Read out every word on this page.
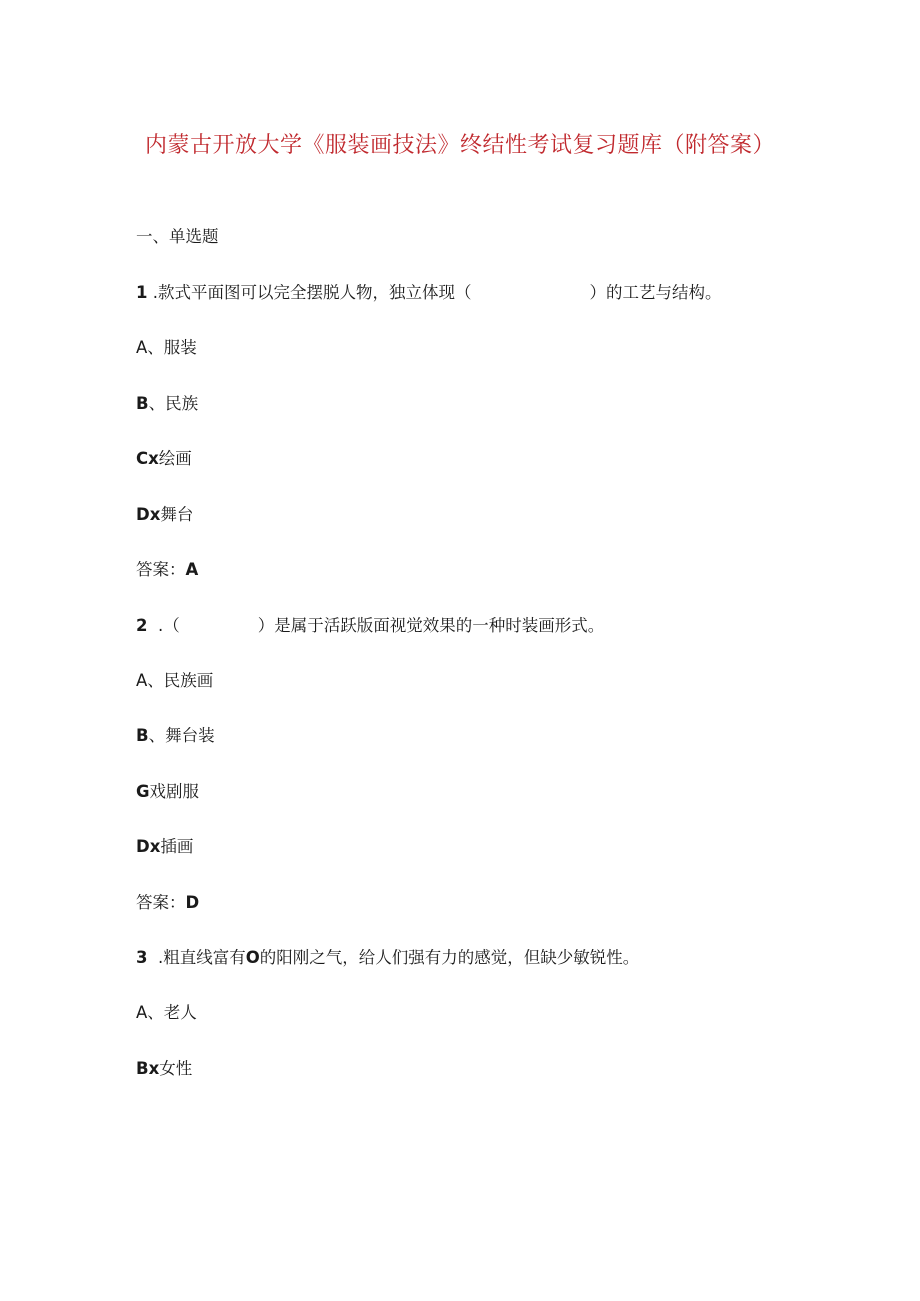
内蒙古开放大学《服装画技法》终结性考试复习题库（附答案）

一、单选题

1 .款式平面图可以完全摆脱人物，独立体现（	）的工艺与结构。

A、服装

B、民族

Cx绘画

Dx舞台

答案：A

2  .（	）是属于活跃版面视觉效果的一种时装画形式。

A、民族画

B、舞台装

G戏剧服

Dx插画

答案：D

3  .粗直线富有O的阳刚之气，给人们强有力的感觉，但缺少敏锐性。

A、老人

Bx女性
